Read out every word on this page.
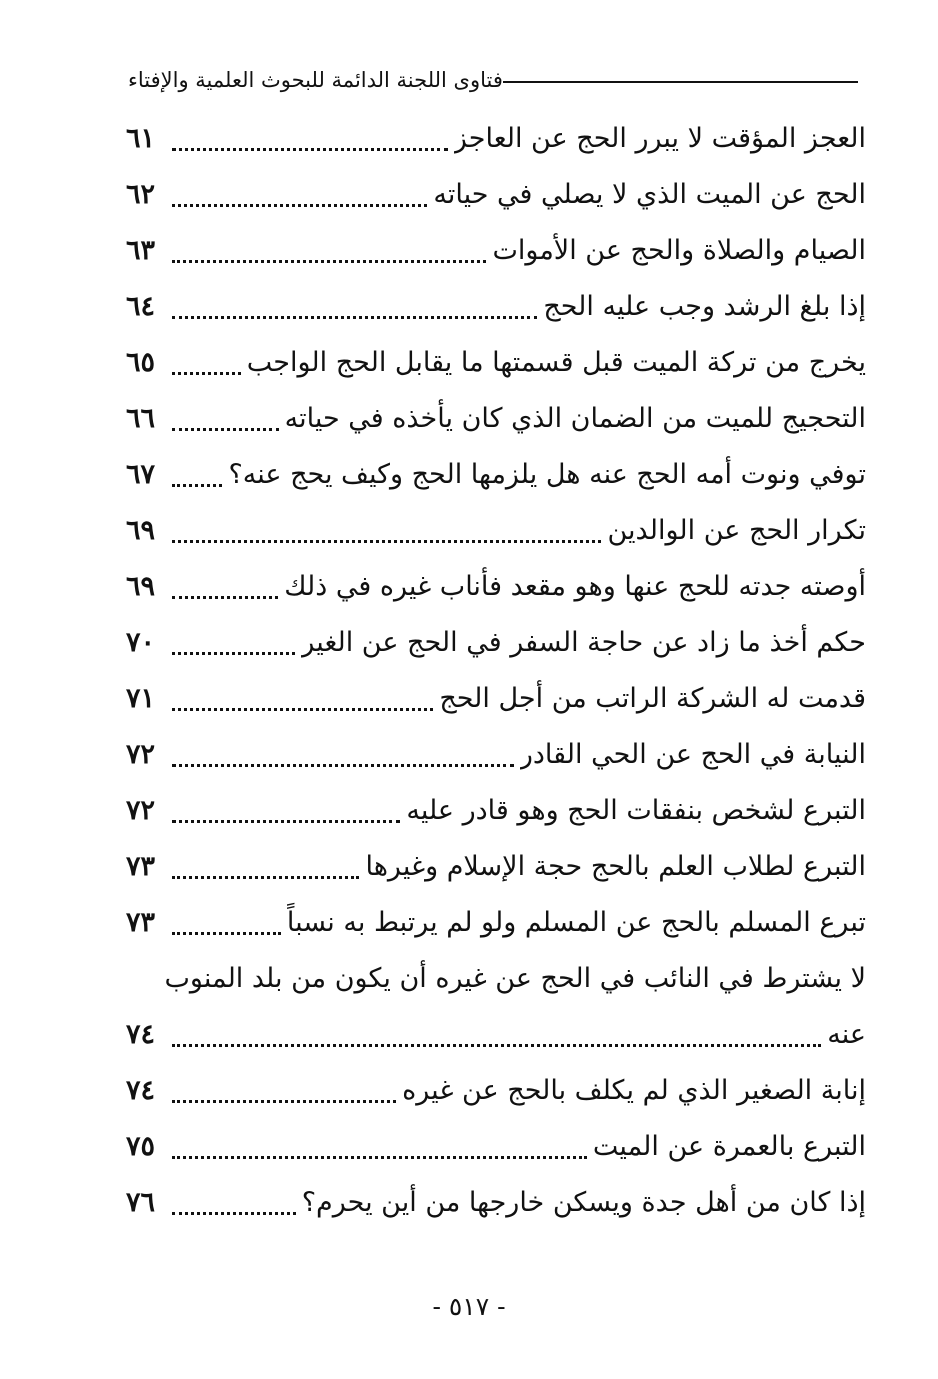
فتاوى اللجنة الدائمة للبحوث العلمية والإفتاء
٦١	العجز المؤقت لا يبرر الحج عن العاجز
٦٢	الحج عن الميت الذي لا يصلي في حياته
٦٣	الصيام والصلاة والحج عن الأموات
٦٤	إذا بلغ الرشد وجب عليه الحج
٦٥	يخرج من تركة الميت قبل قسمتها ما يقابل الحج الواجب
٦٦	التحجيج للميت من الضمان الذي كان يأخذه في حياته
٦٧	توفي ونوت أمه الحج عنه هل يلزمها الحج وكيف يحج عنه؟
٦٩	تكرار الحج عن الوالدين
٦٩	أوصته جدته للحج عنها وهو مقعد فأناب غيره في ذلك
٧٠	حكم أخذ ما زاد عن حاجة السفر في الحج عن الغير
٧١	قدمت له الشركة الراتب من أجل الحج
٧٢	النيابة في الحج عن الحي القادر
٧٢	التبرع لشخص بنفقات الحج وهو قادر عليه
٧٣	التبرع لطلاب العلم بالحج حجة الإسلام وغيرها
٧٣	تبرع المسلم بالحج عن المسلم ولو لم يرتبط به نسباً
لا يشترط في النائب في الحج عن غيره أن يكون من بلد المنوب
٧٤	عنه
٧٤	إنابة الصغير الذي لم يكلف بالحج عن غيره
٧٥	التبرع بالعمرة عن الميت
٧٦	إذا كان من أهل جدة ويسكن خارجها من أين يحرم؟
- ٥١٧ -
